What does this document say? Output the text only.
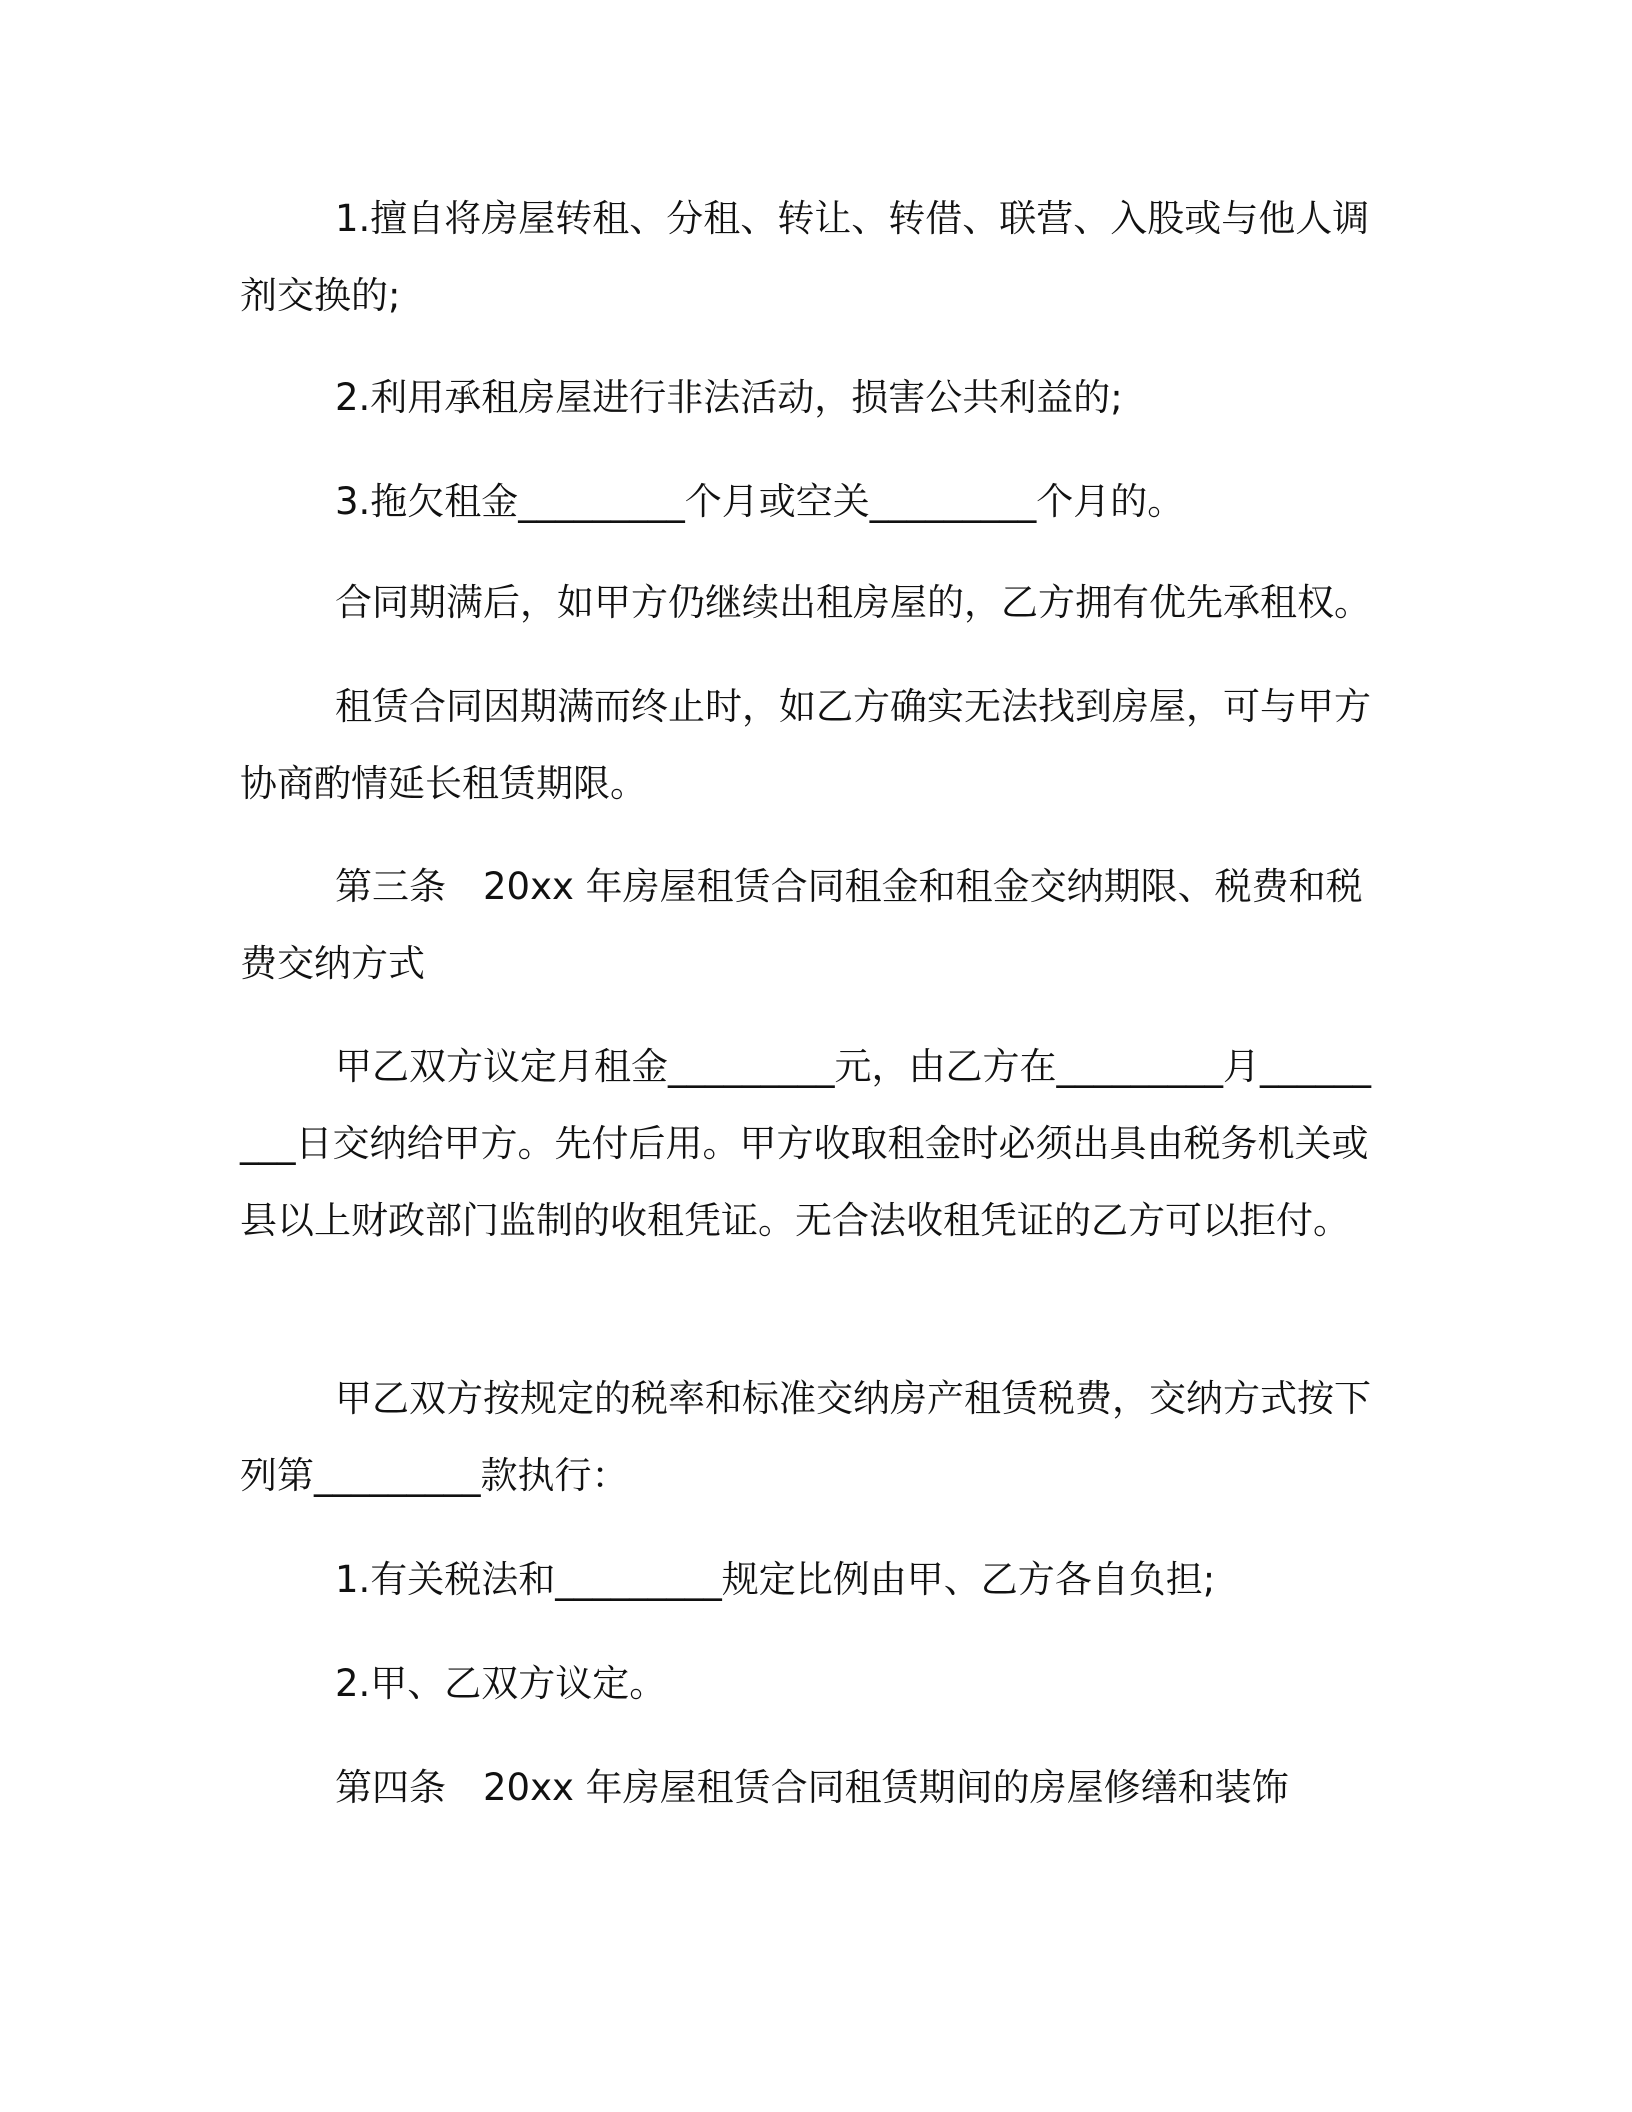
1.擅自将房屋转租、分租、转让、转借、联营、入股或与他人调剂交换的;

2.利用承租房屋进行非法活动，损害公共利益的;

3.拖欠租金_________个月或空关_________个月的。

合同期满后，如甲方仍继续出租房屋的，乙方拥有优先承租权。

租赁合同因期满而终止时，如乙方确实无法找到房屋，可与甲方协商酌情延长租赁期限。

第三条　20xx 年房屋租赁合同租金和租金交纳期限、税费和税费交纳方式

甲乙双方议定月租金_________元，由乙方在_________月_________日交纳给甲方。先付后用。甲方收取租金时必须出具由税务机关或县以上财政部门监制的收租凭证。无合法收租凭证的乙方可以拒付。

甲乙双方按规定的税率和标准交纳房产租赁税费，交纳方式按下列第_________款执行：

1.有关税法和_________规定比例由甲、乙方各自负担;

2.甲、乙双方议定。

第四条　20xx 年房屋租赁合同租赁期间的房屋修缮和装饰
